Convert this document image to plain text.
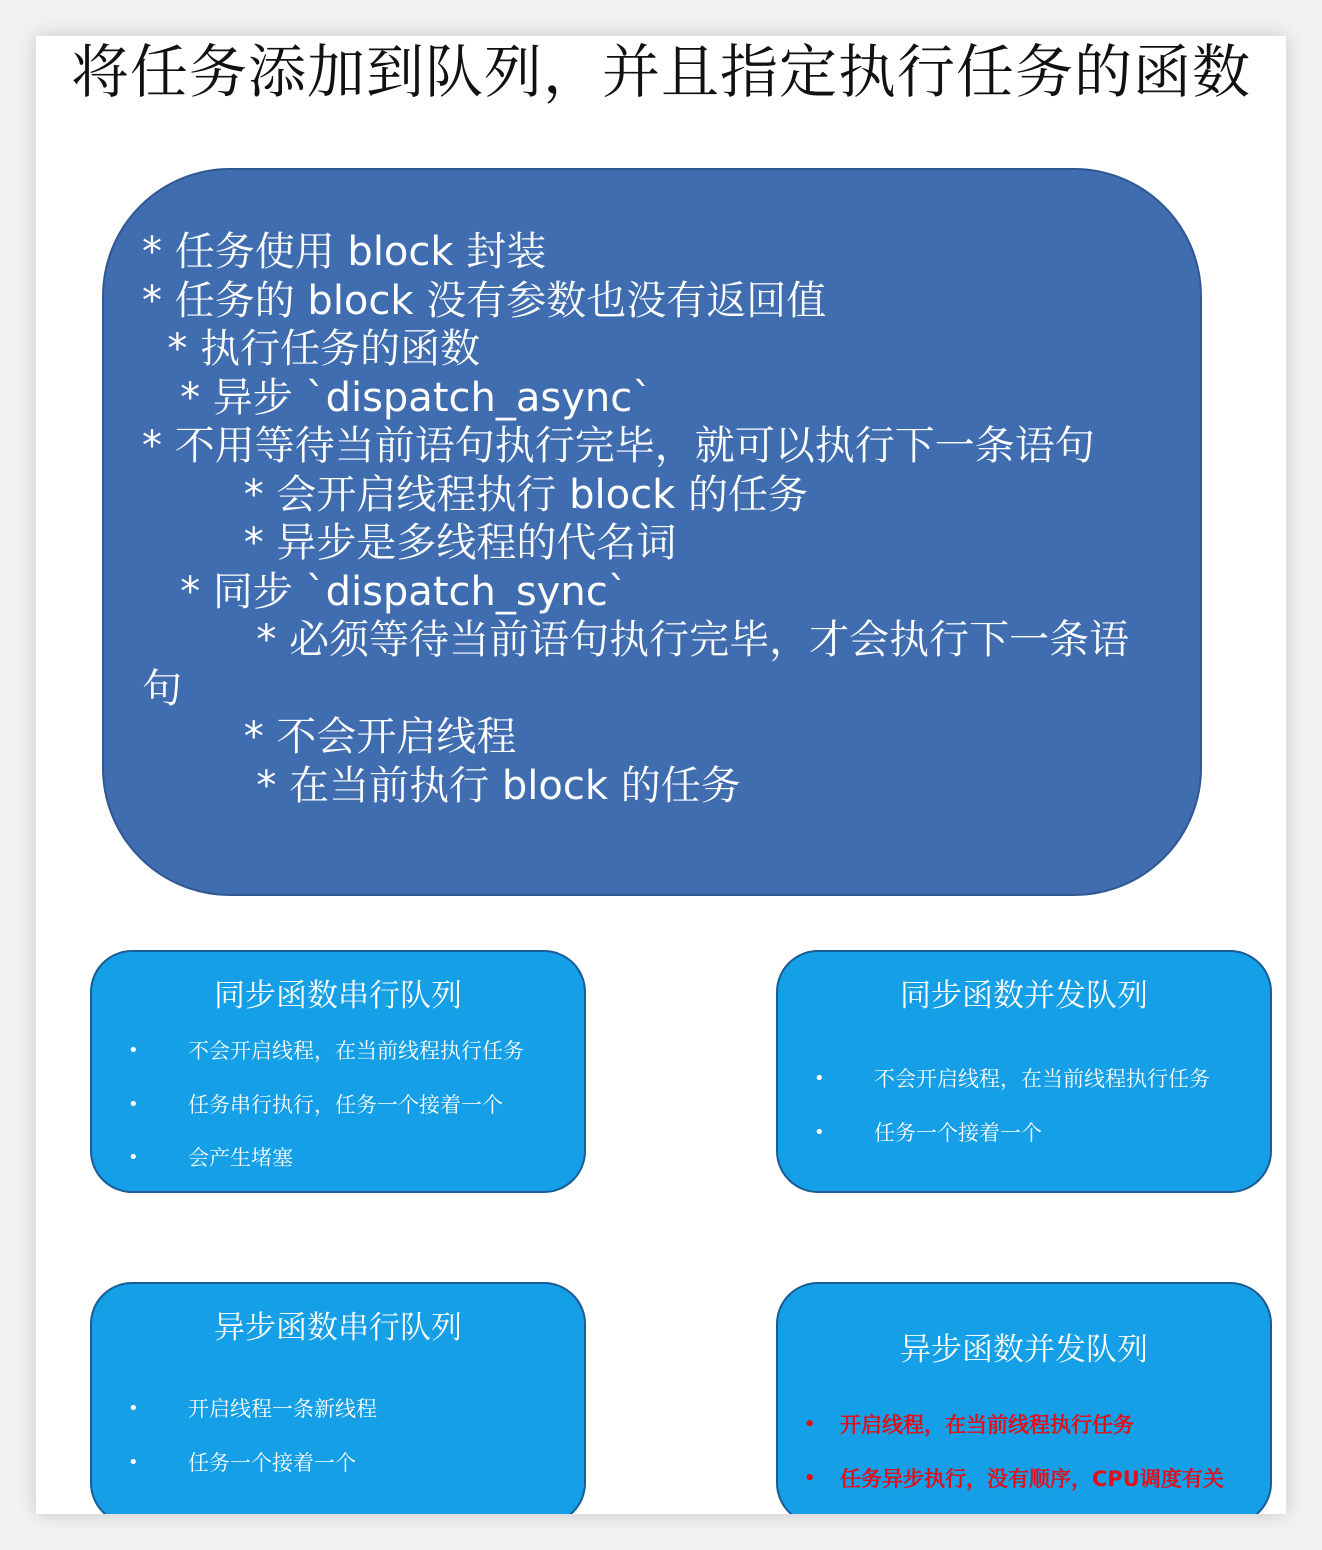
将任务添加到队列，并且指定执行任务的函数
* 任务使用 block 封装
* 任务的 block 没有参数也没有返回值
* 执行任务的函数
* 异步 `dispatch_async`
* 不用等待当前语句执行完毕，就可以执行下一条语句
* 会开启线程执行 block 的任务
* 异步是多线程的代名词
* 同步 `dispatch_sync`
* 必须等待当前语句执行完毕，才会执行下一条语
句
* 不会开启线程
* 在当前执行 block 的任务
同步函数串行队列
• 不会开启线程，在当前线程执行任务
• 任务串行执行，任务一个接着一个
• 会产生堵塞
同步函数并发队列
• 不会开启线程，在当前线程执行任务
• 任务一个接着一个
异步函数串行队列
• 开启线程一条新线程
• 任务一个接着一个
异步函数并发队列
• 开启线程，在当前线程执行任务
• 任务异步执行，没有顺序，CPU调度有关
